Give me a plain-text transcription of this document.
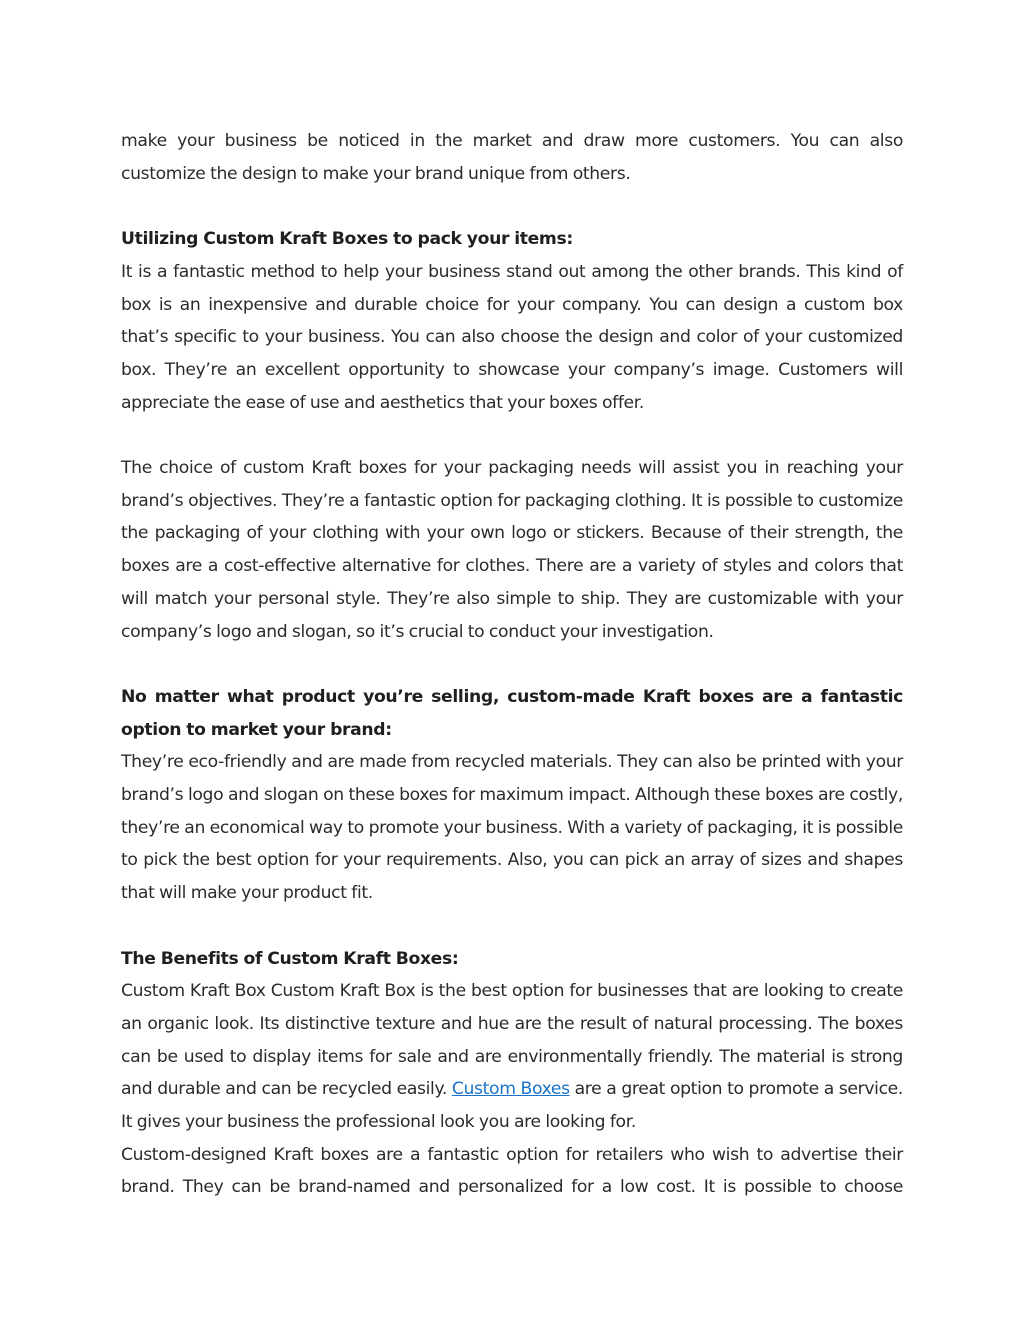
make your business be noticed in the market and draw more customers. You can also customize the design to make your brand unique from others.

Utilizing Custom Kraft Boxes to pack your items:

It is a fantastic method to help your business stand out among the other brands. This kind of box is an inexpensive and durable choice for your company. You can design a custom box that’s specific to your business. You can also choose the design and color of your customized box. They’re an excellent opportunity to showcase your company’s image. Customers will appreciate the ease of use and aesthetics that your boxes offer.

The choice of custom Kraft boxes for your packaging needs will assist you in reaching your brand’s objectives. They’re a fantastic option for packaging clothing. It is possible to customize the packaging of your clothing with your own logo or stickers. Because of their strength, the boxes are a cost-effective alternative for clothes. There are a variety of styles and colors that will match your personal style. They’re also simple to ship. They are customizable with your company’s logo and slogan, so it’s crucial to conduct your investigation.

No matter what product you’re selling, custom-made Kraft boxes are a fantastic option to market your brand:

They’re eco-friendly and are made from recycled materials. They can also be printed with your brand’s logo and slogan on these boxes for maximum impact. Although these boxes are costly, they’re an economical way to promote your business. With a variety of packaging, it is possible to pick the best option for your requirements. Also, you can pick an array of sizes and shapes that will make your product fit.

The Benefits of Custom Kraft Boxes:

Custom Kraft Box Custom Kraft Box is the best option for businesses that are looking to create an organic look. Its distinctive texture and hue are the result of natural processing. The boxes can be used to display items for sale and are environmentally friendly. The material is strong and durable and can be recycled easily. Custom Boxes are a great option to promote a service. It gives your business the professional look you are looking for.

Custom-designed Kraft boxes are a fantastic option for retailers who wish to advertise their brand. They can be brand-named and personalized for a low cost. It is possible to choose
